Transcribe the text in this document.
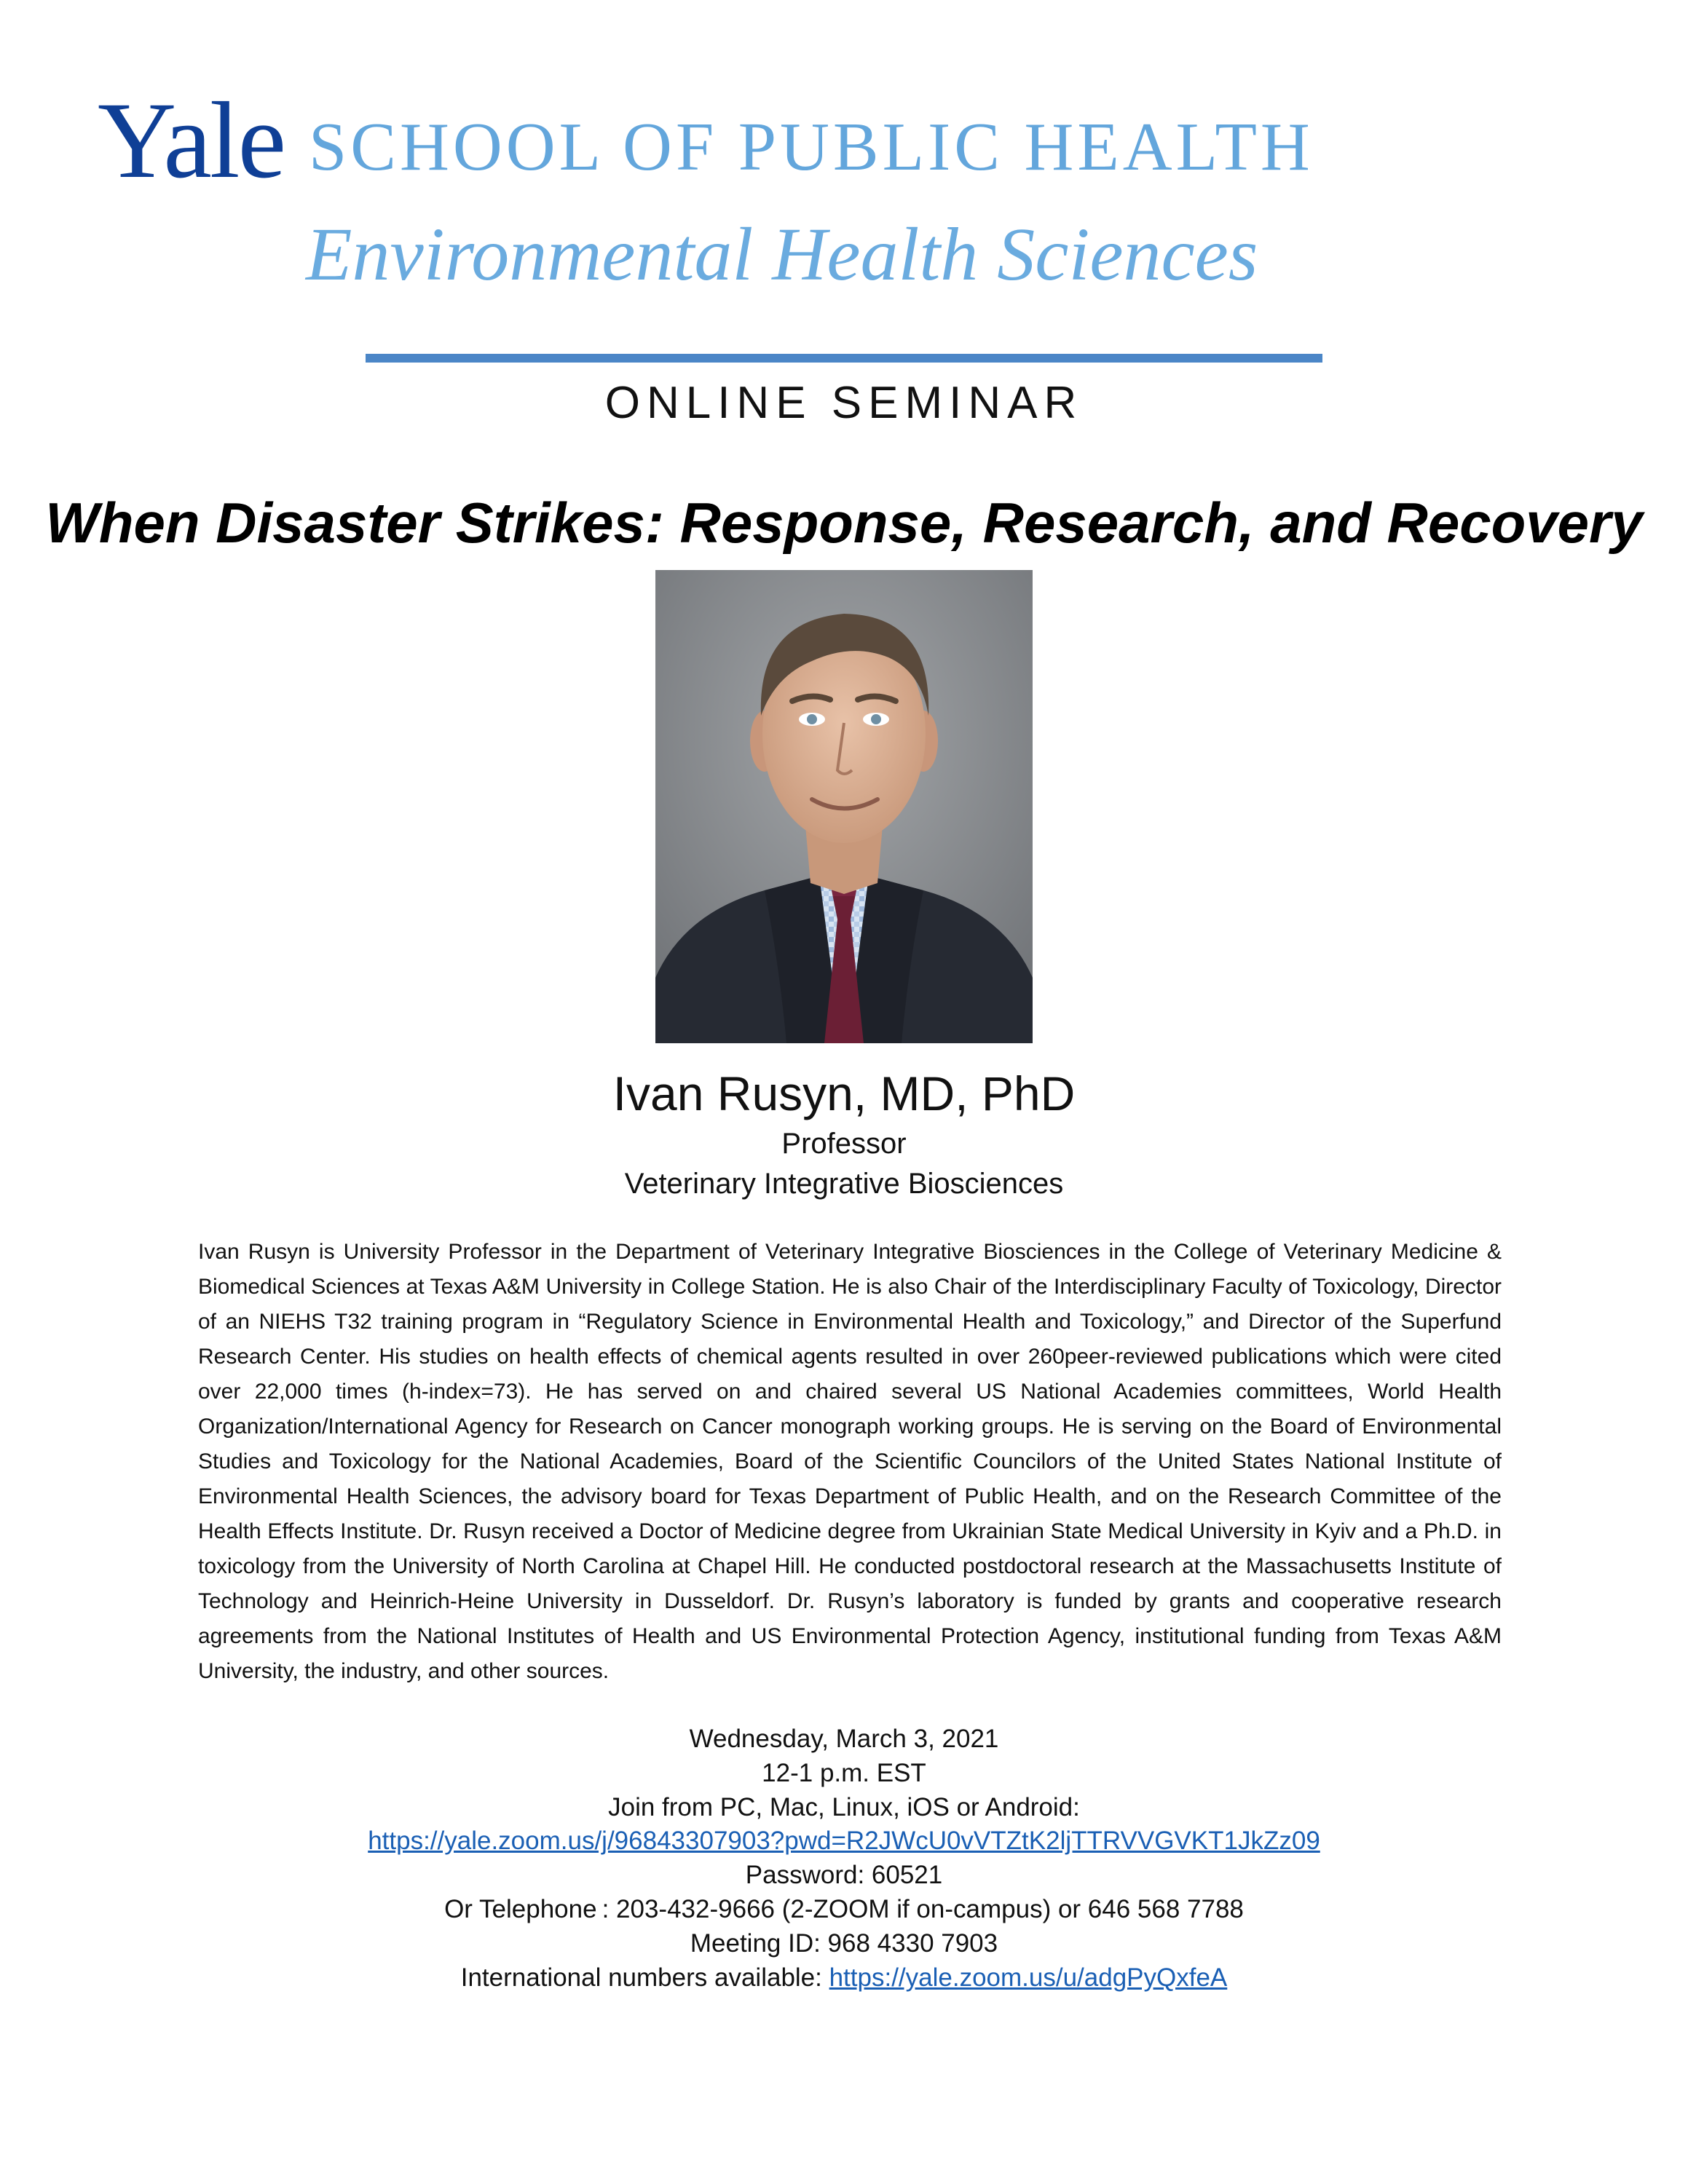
Yale SCHOOL OF PUBLIC HEALTH
Environmental Health Sciences
ONLINE SEMINAR
When Disaster Strikes: Response, Research, and Recovery
Ivan Rusyn, MD, PhD
Professor
Veterinary Integrative Biosciences
Ivan Rusyn is University Professor in the Department of Veterinary Integrative Biosciences in the College of Veterinary Medicine & Biomedical Sciences at Texas A&M University in College Station. He is also Chair of the Interdisciplinary Faculty of Toxicology, Director of an NIEHS T32 training program in “Regulatory Science in Environmental Health and Toxicology,” and Director of the Superfund Research Center. His studies on health effects of chemical agents resulted in over 260peer-reviewed publications which were cited over 22,000 times (h-index=73). He has served on and chaired several US National Academies committees, World Health Organization/International Agency for Research on Cancer monograph working groups. He is serving on the Board of Environmental Studies and Toxicology for the National Academies, Board of the Scientific Councilors of the United States National Institute of Environmental Health Sciences, the advisory board for Texas Department of Public Health, and on the Research Committee of the Health Effects Institute. Dr. Rusyn received a Doctor of Medicine degree from Ukrainian State Medical University in Kyiv and a Ph.D. in toxicology from the University of North Carolina at Chapel Hill. He conducted postdoctoral research at the Massachusetts Institute of Technology and Heinrich-Heine University in Dusseldorf. Dr. Rusyn’s laboratory is funded by grants and cooperative research agreements from the National Institutes of Health and US Environmental Protection Agency, institutional funding from Texas A&M University, the industry, and other sources.
Wednesday, March 3, 2021
12-1 p.m. EST
Join from PC, Mac, Linux, iOS or Android:
https://yale.zoom.us/j/96843307903?pwd=R2JWcU0vVTZtK2ljTTRVVGVKT1JkZz09
Password: 60521
Or Telephone : 203-432-9666 (2-ZOOM if on-campus) or 646 568 7788
Meeting ID: 968 4330 7903
International numbers available: https://yale.zoom.us/u/adgPyQxfeA
